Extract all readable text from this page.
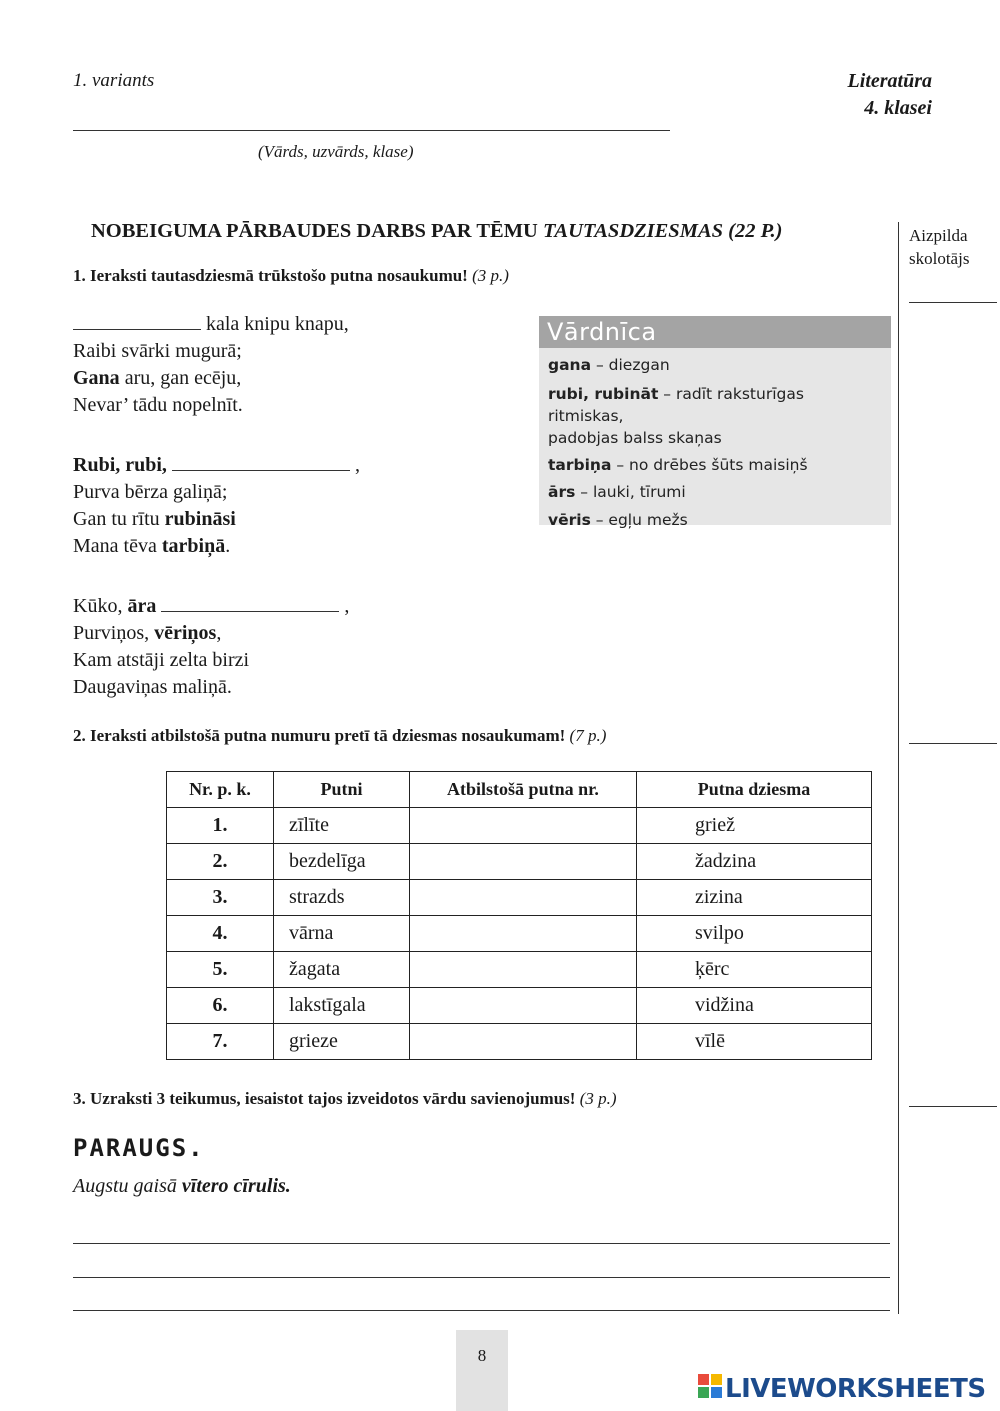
1. variants	Literatūra
4. klasei
(Vārds, uzvārds, klase)
Aizpilda
skolotājs
NOBEIGUMA PĀRBAUDES DARBS PAR TĒMU TAUTASDZIESMAS (22 P.)
1. Ieraksti tautasdziesmā trūkstošo putna nosaukumu! (3 p.)
kala knipu knapu,
Raibi svārki mugurā;
Gana aru, gan ecēju,
Nevar’ tādu nopelnīt.
Rubi, rubi,	,
Purva bērza galiņā;
Gan tu rītu rubināsi
Mana tēva tarbiņā.
Kūko, āra	,
Purviņos, vēriņos,
Kam atstāji zelta birzi
Daugaviņas maliņā.
Vārdnīca
gana – diezgan
rubi, rubināt – radīt raksturīgas ritmiskas,
padobjas balss skaņas
tarbiņa – no drēbes šūts maisiņš
ārs – lauki, tīrumi
vēris – egļu mežs
2. Ieraksti atbilstošā putna numuru pretī tā dziesmas nosaukumam! (7 p.)
Nr. p. k.	Putni	Atbilstošā putna nr.	Putna dziesma
1.	zīlīte		griež
2.	bezdelīga		žadzina
3.	strazds		zizina
4.	vārna		svilpo
5.	žagata		ķērc
6.	lakstīgala		vidžina
7.	grieze		vīlē
3. Uzraksti 3 teikumus, iesaistot tajos izveidotos vārdu savienojumus! (3 p.)
PARAUGS.
Augstu gaisā vītero cīrulis.
8
LIVEWORKSHEETS
